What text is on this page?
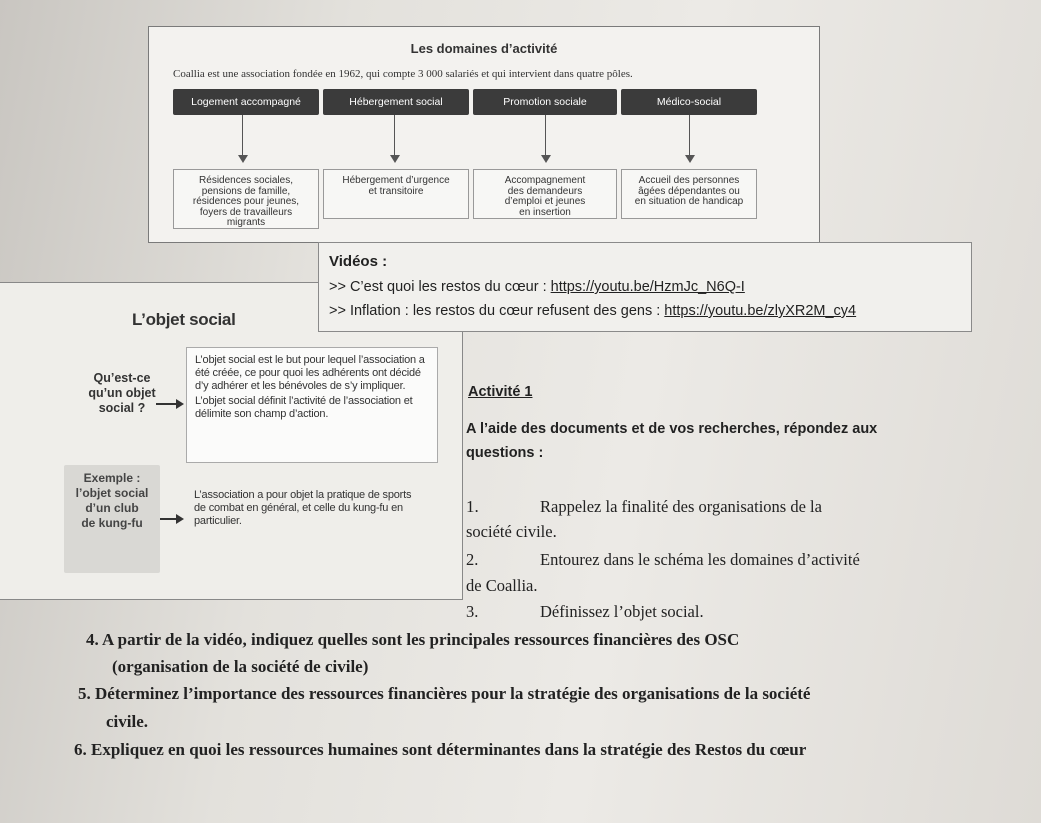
Les domaines d’activité
Coallia est une association fondée en 1962, qui compte 3 000 salariés et qui intervient dans quatre pôles.
Logement accompagné	Hébergement social	Promotion sociale	Médico-social
Résidences sociales,
pensions de famille,
résidences pour jeunes,
foyers de travailleurs
migrants
Hébergement d’urgence
et transitoire
Accompagnement
des demandeurs
d’emploi et jeunes
en insertion
Accueil des personnes
âgées dépendantes ou
en situation de handicap
L’objet social
Qu’est-ce
qu’un objet
social ?

L’objet social est le but pour lequel l’association a été créée, ce pour quoi les adhérents ont décidé d’y adhérer et les bénévoles de s’y impliquer.

L’objet social définit l’activité de l’association et délimite son champ d’action.

Exemple :
l’objet social
d’un club
de kung-fu

L’association a pour objet la pratique de sports de combat en général, et celle du kung-fu en particulier.

Vidéos :
>> C’est quoi les restos du cœur : https://youtu.be/HzmJc_N6Q-I
>> Inflation : les restos du cœur refusent des gens : https://youtu.be/zlyXR2M_cy4
Activité 1
A l’aide des documents et de vos recherches, répondez aux
questions :
1.	Rappelez la finalité des organisations de la
société civile.
2.	Entourez dans le schéma les domaines d’activité
de Coallia.
3.	Définissez l’objet social.
4. A partir de la vidéo, indiquez quelles sont les principales ressources financières des OSC
(organisation de la société de civile)
5. Déterminez l’importance des ressources financières pour la stratégie des organisations de la société
civile.
6. Expliquez en quoi les ressources humaines sont déterminantes dans la stratégie des Restos du cœur
